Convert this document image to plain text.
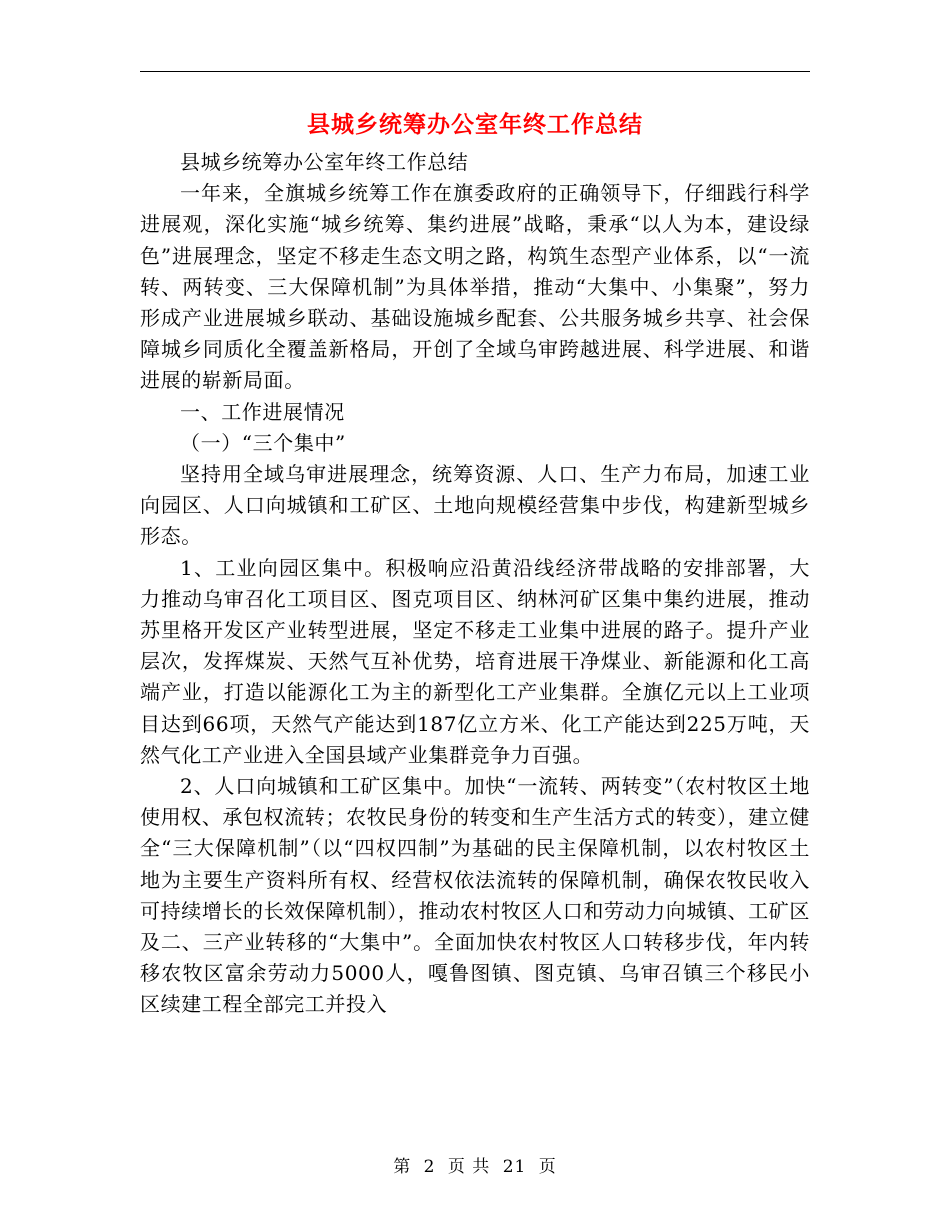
县城乡统筹办公室年终工作总结

县城乡统筹办公室年终工作总结

一年来，全旗城乡统筹工作在旗委政府的正确领导下，仔细践行科学进展观，深化实施“城乡统筹、集约进展”战略，秉承“以人为本，建设绿色”进展理念，坚定不移走生态文明之路，构筑生态型产业体系，以“一流转、两转变、三大保障机制”为具体举措，推动“大集中、小集聚”，努力形成产业进展城乡联动、基础设施城乡配套、公共服务城乡共享、社会保障城乡同质化全覆盖新格局，开创了全域乌审跨越进展、科学进展、和谐进展的崭新局面。

一、工作进展情况

（一）“三个集中”

坚持用全域乌审进展理念，统筹资源、人口、生产力布局，加速工业向园区、人口向城镇和工矿区、土地向规模经营集中步伐，构建新型城乡形态。

1、工业向园区集中。积极响应沿黄沿线经济带战略的安排部署，大力推动乌审召化工项目区、图克项目区、纳林河矿区集中集约进展，推动苏里格开发区产业转型进展，坚定不移走工业集中进展的路子。提升产业层次，发挥煤炭、天然气互补优势，培育进展干净煤业、新能源和化工高端产业，打造以能源化工为主的新型化工产业集群。全旗亿元以上工业项目达到66项，天然气产能达到187亿立方米、化工产能达到225万吨，天然气化工产业进入全国县域产业集群竞争力百强。

2、人口向城镇和工矿区集中。加快“一流转、两转变”（农村牧区土地使用权、承包权流转；农牧民身份的转变和生产生活方式的转变），建立健全“三大保障机制”（以“四权四制”为基础的民主保障机制，以农村牧区土地为主要生产资料所有权、经营权依法流转的保障机制，确保农牧民收入可持续增长的长效保障机制），推动农村牧区人口和劳动力向城镇、工矿区及二、三产业转移的“大集中”。全面加快农村牧区人口转移步伐，年内转移农牧区富余劳动力5000人，嘎鲁图镇、图克镇、乌审召镇三个移民小区续建工程全部完工并投入

第 2 页 共 21 页
